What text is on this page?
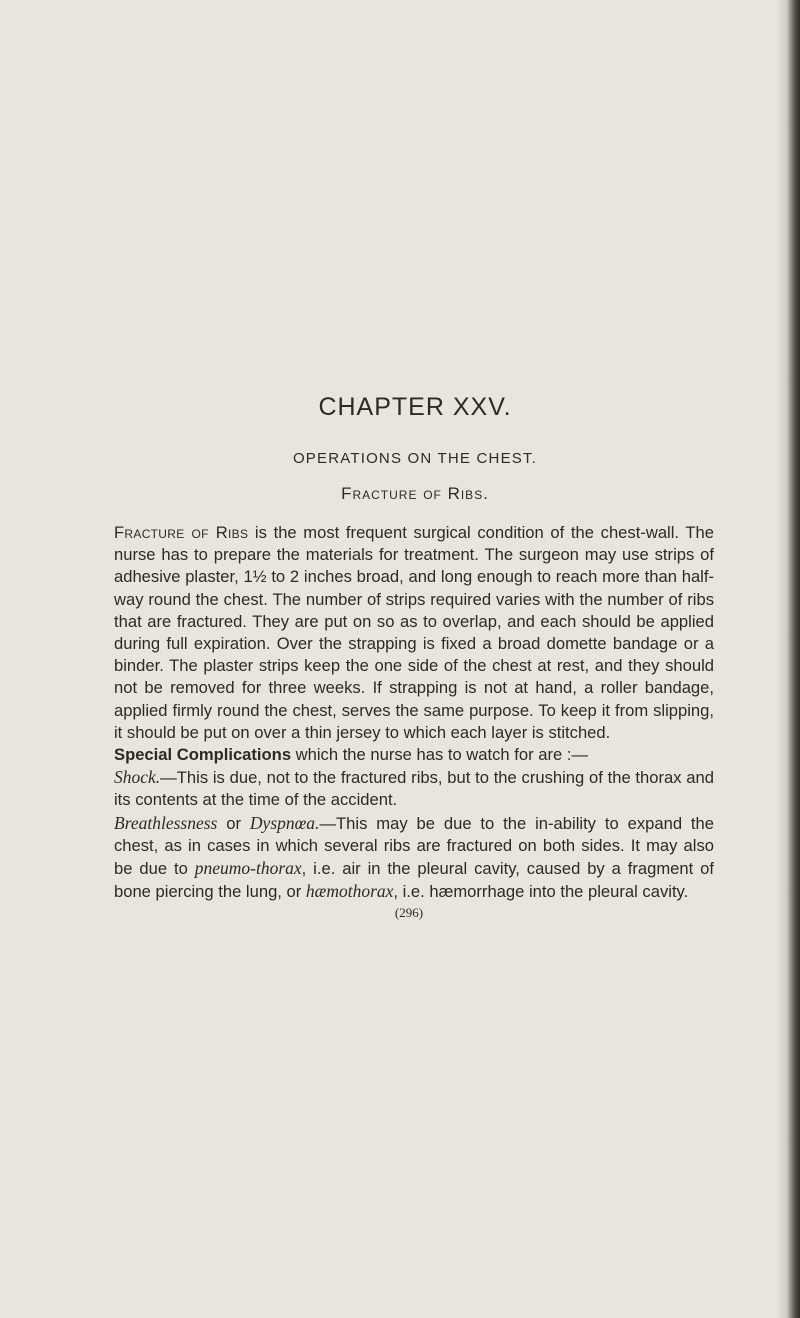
CHAPTER XXV.
OPERATIONS ON THE CHEST.
Fracture of Ribs.

Fracture of Ribs is the most frequent surgical condition of the chest-wall. The nurse has to prepare the materials for treatment. The surgeon may use strips of adhesive plaster, 1½ to 2 inches broad, and long enough to reach more than half-way round the chest. The number of strips required varies with the number of ribs that are fractured. They are put on so as to overlap, and each should be applied during full expiration. Over the strapping is fixed a broad domette bandage or a binder. The plaster strips keep the one side of the chest at rest, and they should not be removed for three weeks. If strapping is not at hand, a roller bandage, applied firmly round the chest, serves the same purpose. To keep it from slipping, it should be put on over a thin jersey to which each layer is stitched.

Special Complications which the nurse has to watch for are :—

Shock.—This is due, not to the fractured ribs, but to the crushing of the thorax and its contents at the time of the accident.

Breathlessness or Dyspnœa.—This may be due to the in-ability to expand the chest, as in cases in which several ribs are fractured on both sides. It may also be due to pneumo-thorax, i.e. air in the pleural cavity, caused by a fragment of bone piercing the lung, or hæmothorax, i.e. hæmorrhage into the pleural cavity.

(296)
